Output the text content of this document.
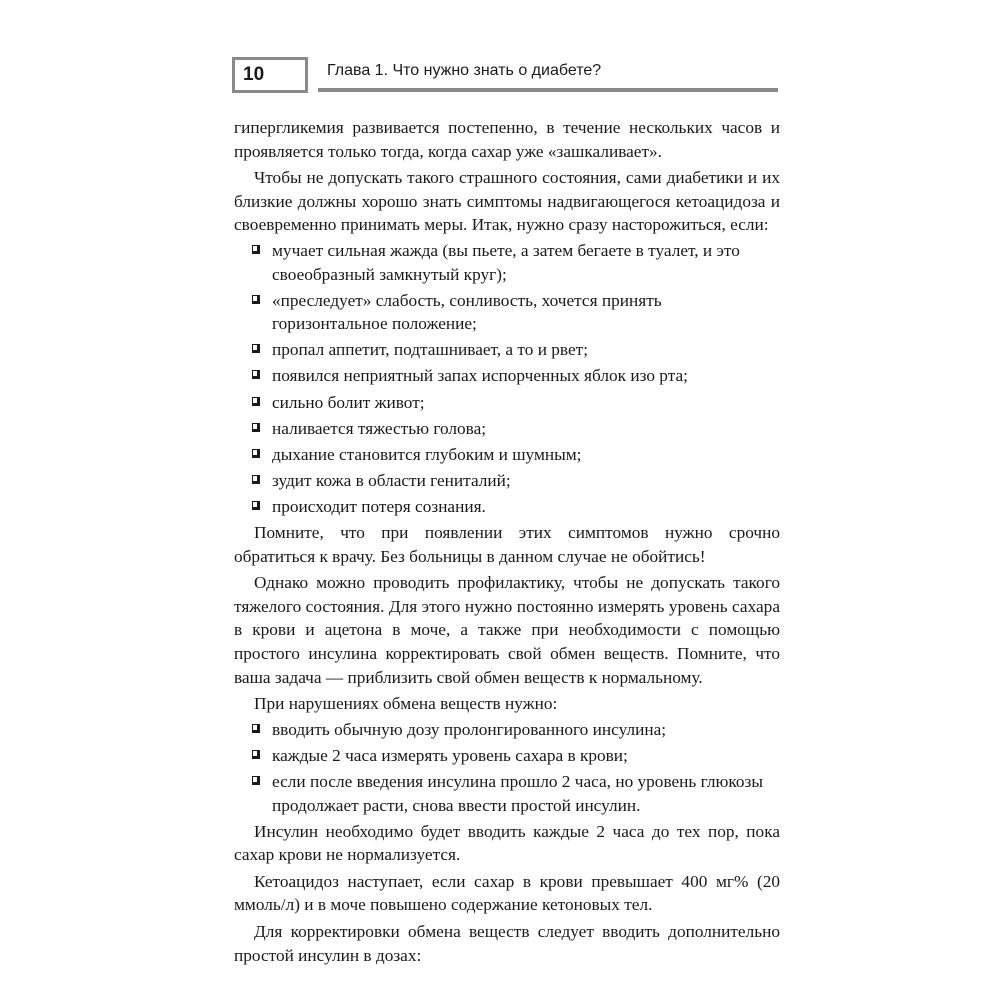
10	Глава 1. Что нужно знать о диабете?

гипергликемия развивается постепенно, в течение нескольких часов и проявляется только тогда, когда сахар уже «зашкаливает».

Чтобы не допускать такого страшного состояния, сами диабетики и их близкие должны хорошо знать симптомы надвигающегося кетоацидоза и своевременно принимать меры. Итак, нужно сразу насторожиться, если:

мучает сильная жажда (вы пьете, а затем бегаете в туалет, и это своеобразный замкнутый круг);
«преследует» слабость, сонливость, хочется принять горизонтальное положение;
пропал аппетит, подташнивает, а то и рвет;
появился неприятный запах испорченных яблок изо рта;
сильно болит живот;
наливается тяжестью голова;
дыхание становится глубоким и шумным;
зудит кожа в области гениталий;
происходит потеря сознания.

Помните, что при появлении этих симптомов нужно срочно обратиться к врачу. Без больницы в данном случае не обойтись!

Однако можно проводить профилактику, чтобы не допускать такого тяжелого состояния. Для этого нужно постоянно измерять уровень сахара в крови и ацетона в моче, а также при необходимости с помощью простого инсулина корректировать свой обмен веществ. Помните, что ваша задача — приблизить свой обмен веществ к нормальному.

При нарушениях обмена веществ нужно:

вводить обычную дозу пролонгированного инсулина;
каждые 2 часа измерять уровень сахара в крови;
если после введения инсулина прошло 2 часа, но уровень глюкозы продолжает расти, снова ввести простой инсулин.

Инсулин необходимо будет вводить каждые 2 часа до тех пор, пока сахар крови не нормализуется.

Кетоацидоз наступает, если сахар в крови превышает 400 мг% (20 ммоль/л) и в моче повышено содержание кетоновых тел.

Для корректировки обмена веществ следует вводить дополнительно простой инсулин в дозах:
